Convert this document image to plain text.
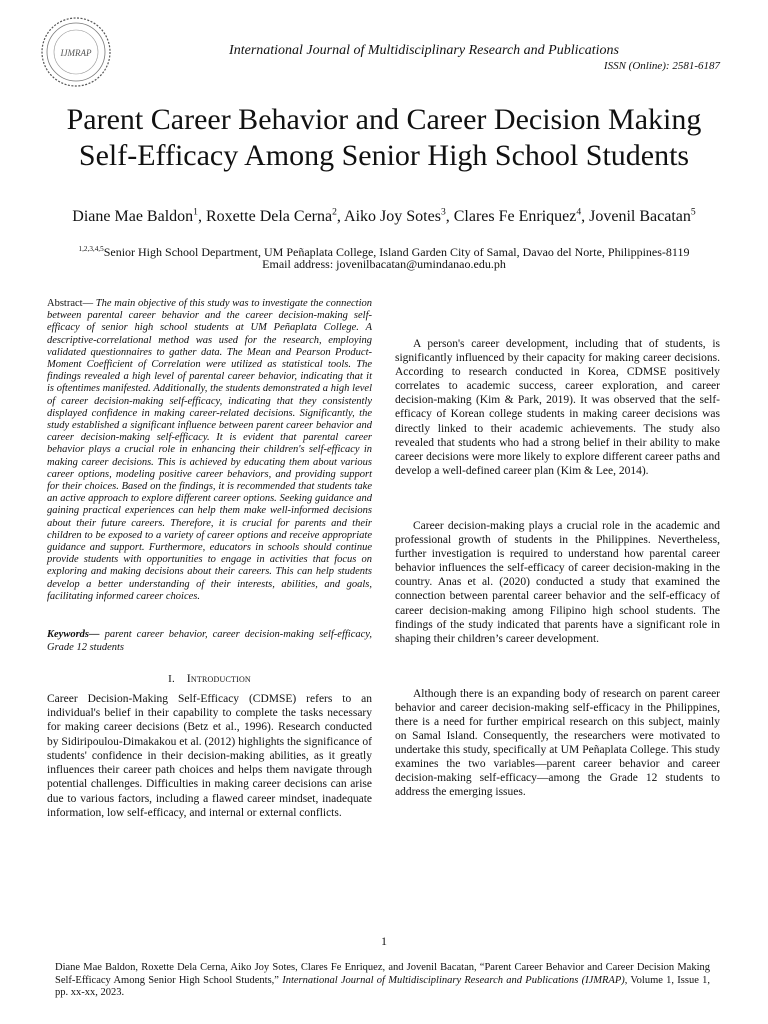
IJMRAP	International Journal of Multidisciplinary Research and Publications
ISSN (Online): 2581-6187
Parent Career Behavior and Career Decision Making
Self-Efficacy Among Senior High School Students
Diane Mae Baldon$^1$, Roxette Dela Cerna$^2$, Aiko Joy Sotes$^3$, Clares Fe Enriquez$^4$, Jovenil Bacatan$^5$
$^{1,2,3,4,5}$Senior High School Department, UM Peñaplata College, Island Garden City of Samal, Davao del Norte, Philippines-8119
Email address: jovenilbacatan@umindanao.edu.ph

Abstract— The main objective of this study was to investigate the connection between parental career behavior and the career decision-making self-efficacy of senior high school students at UM Peñaplata College. A descriptive-correlational method was used for the research, employing validated questionnaires to gather data. The Mean and Pearson Product-Moment Coefficient of Correlation were utilized as statistical tools. The findings revealed a high level of parental career behavior, indicating that it is oftentimes manifested. Additionally, the students demonstrated a high level of career decision-making self-efficacy, indicating that they consistently displayed confidence in making career-related decisions. Significantly, the study established a significant influence between parent career behavior and career decision-making self-efficacy. It is evident that parental career behavior plays a crucial role in enhancing their children's self-efficacy in making career decisions. This is achieved by educating them about various career options, modeling positive career behaviors, and providing support for their choices. Based on the findings, it is recommended that students take an active approach to explore different career options. Seeking guidance and gaining practical experiences can help them make well-informed decisions about their future careers. Therefore, it is crucial for parents and their children to be exposed to a variety of career options and receive appropriate guidance and support. Furthermore, educators in schools should continue provide students with opportunities to engage in activities that focus on exploring and making decisions about their careers. This can help students develop a better understanding of their interests, abilities, and goals, facilitating informed career choices.

Keywords— parent career behavior, career decision-making self-efficacy, Grade 12 students
I. Introduction
Career Decision-Making Self-Efficacy (CDMSE) refers to an individual's belief in their capability to complete the tasks necessary for making career decisions (Betz et al., 1996). Research conducted by Sidiripoulou-Dimakakou et al. (2012) highlights the significance of students' confidence in their decision-making abilities, as it greatly influences their career path choices and helps them navigate through potential challenges. Difficulties in making career decisions can arise due to various factors, including a flawed career mindset, inadequate information, low self-efficacy, and internal or external conflicts.

A person's career development, including that of students, is significantly influenced by their capacity for making career decisions. According to research conducted in Korea, CDMSE positively correlates to academic success, career exploration, and career decision-making (Kim & Park, 2019). It was observed that the self-efficacy of Korean college students in making career decisions was directly linked to their academic achievements. The study also revealed that students who had a strong belief in their ability to make career decisions were more likely to explore different career paths and develop a well-defined career plan (Kim & Lee, 2014).

Career decision-making plays a crucial role in the academic and professional growth of students in the Philippines. Nevertheless, further investigation is required to understand how parental career behavior influences the self-efficacy of career decision-making in the country. Anas et al. (2020) conducted a study that examined the connection between parental career behavior and the self-efficacy of career decision-making among Filipino high school students. The findings of the study indicated that parents have a significant role in shaping their children’s career development.

Although there is an expanding body of research on parent career behavior and career decision-making self-efficacy in the Philippines, there is a need for further empirical research on this subject, mainly on Samal Island. Consequently, the researchers were motivated to undertake this study, specifically at UM Peñaplata College. This study examines the two variables—parent career behavior and career decision-making self-efficacy—among the Grade 12 students to address the emerging issues.

1
Diane Mae Baldon, Roxette Dela Cerna, Aiko Joy Sotes, Clares Fe Enriquez, and Jovenil Bacatan, “Parent Career Behavior and Career Decision Making Self-Efficacy Among Senior High School Students,” International Journal of Multidisciplinary Research and Publications (IJMRAP), Volume 1, Issue 1, pp. xx-xx, 2023.
